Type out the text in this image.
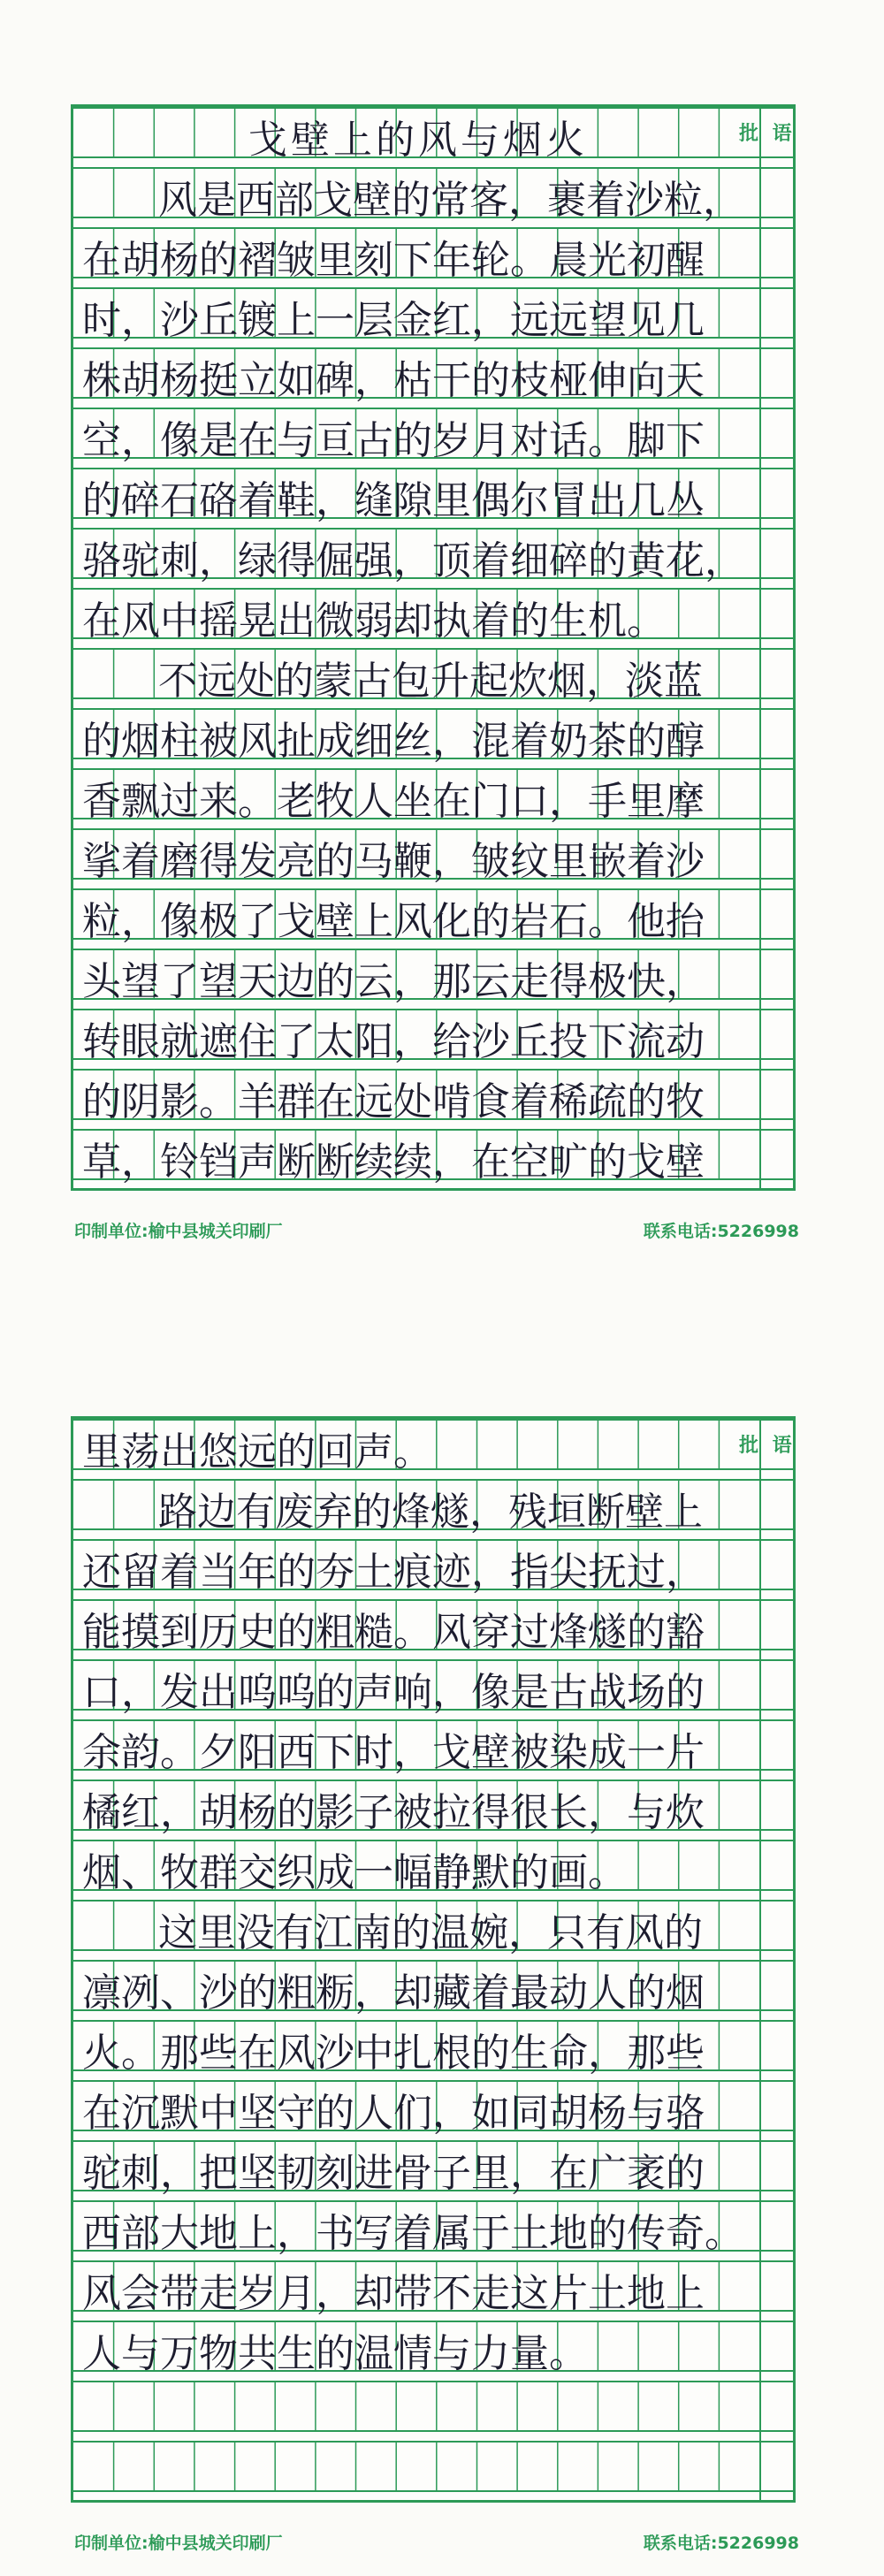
戈壁上的风与烟火
风是西部戈壁的常客，裹着沙粒，
在胡杨的褶皱里刻下年轮。晨光初醒
时，沙丘镀上一层金红，远远望见几
株胡杨挺立如碑，枯干的枝桠伸向天
空，像是在与亘古的岁月对话。脚下
的碎石硌着鞋，缝隙里偶尔冒出几丛
骆驼刺，绿得倔强，顶着细碎的黄花，
在风中摇晃出微弱却执着的生机。
不远处的蒙古包升起炊烟，淡蓝
的烟柱被风扯成细丝，混着奶茶的醇
香飘过来。老牧人坐在门口，手里摩
挲着磨得发亮的马鞭，皱纹里嵌着沙
粒，像极了戈壁上风化的岩石。他抬
头望了望天边的云，那云走得极快，
转眼就遮住了太阳，给沙丘投下流动
的阴影。羊群在远处啃食着稀疏的牧
草，铃铛声断断续续，在空旷的戈壁
批 语
印制单位:榆中县城关印刷厂	联系电话:5226998
里荡出悠远的回声。
路边有废弃的烽燧，残垣断壁上
还留着当年的夯土痕迹，指尖抚过，
能摸到历史的粗糙。风穿过烽燧的豁
口，发出呜呜的声响，像是古战场的
余韵。夕阳西下时，戈壁被染成一片
橘红，胡杨的影子被拉得很长，与炊
烟、牧群交织成一幅静默的画。
这里没有江南的温婉，只有风的
凛冽、沙的粗粝，却藏着最动人的烟
火。那些在风沙中扎根的生命，那些
在沉默中坚守的人们，如同胡杨与骆
驼刺，把坚韧刻进骨子里，在广袤的
西部大地上，书写着属于土地的传奇。
风会带走岁月，却带不走这片土地上
人与万物共生的温情与力量。
批 语
印制单位:榆中县城关印刷厂	联系电话:5226998
